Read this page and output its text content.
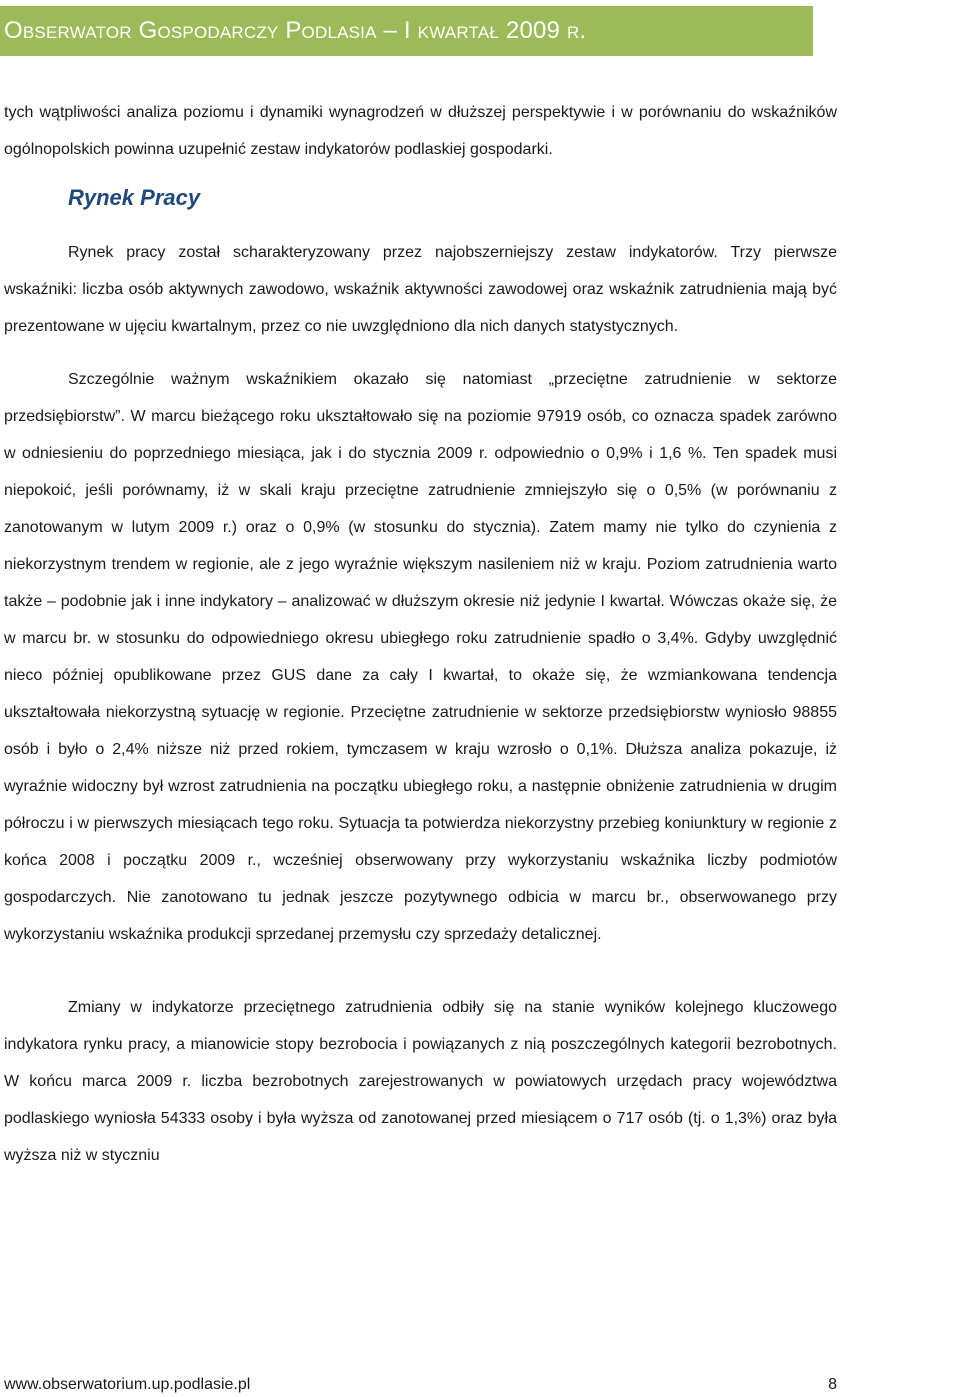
Obserwator Gospodarczy Podlasia – I kwartał 2009 r.

tych wątpliwości analiza poziomu i dynamiki wynagrodzeń w dłuższej perspektywie i w porównaniu do wskaźników ogólnopolskich powinna uzupełnić zestaw indykatorów podlaskiej gospodarki.

Rynek Pracy

Rynek pracy został scharakteryzowany przez najobszerniejszy zestaw indykatorów. Trzy pierwsze wskaźniki: liczba osób aktywnych zawodowo, wskaźnik aktywności zawodowej oraz wskaźnik zatrudnienia mają być prezentowane w ujęciu kwartalnym, przez co nie uwzględniono dla nich danych statystycznych.

Szczególnie ważnym wskaźnikiem okazało się natomiast „przeciętne zatrudnienie w sektorze przedsiębiorstw”. W marcu bieżącego roku ukształtowało się na poziomie 97919 osób, co oznacza spadek zarówno w odniesieniu do poprzedniego miesiąca, jak i do stycznia 2009 r. odpowiednio o 0,9% i 1,6 %. Ten spadek musi niepokoić, jeśli porównamy, iż w skali kraju przeciętne zatrudnienie zmniejszyło się o 0,5% (w porównaniu z zanotowanym w lutym 2009 r.) oraz o 0,9% (w stosunku do stycznia). Zatem mamy nie tylko do czynienia z niekorzystnym trendem w regionie, ale z jego wyraźnie większym nasileniem niż w kraju. Poziom zatrudnienia warto także – podobnie jak i inne indykatory – analizować w dłuższym okresie niż jedynie I kwartał. Wówczas okaże się, że w marcu br. w stosunku do odpowiedniego okresu ubiegłego roku zatrudnienie spadło o 3,4%. Gdyby uwzględnić nieco później opublikowane przez GUS dane za cały I kwartał, to okaże się, że wzmiankowana tendencja ukształtowała niekorzystną sytuację w regionie. Przeciętne zatrudnienie w sektorze przedsiębiorstw wyniosło 98855 osób i było o 2,4% niższe niż przed rokiem, tymczasem w kraju wzrosło o 0,1%. Dłuższa analiza pokazuje, iż wyraźnie widoczny był wzrost zatrudnienia na początku ubiegłego roku, a następnie obniżenie zatrudnienia w drugim półroczu i w pierwszych miesiącach tego roku. Sytuacja ta potwierdza niekorzystny przebieg koniunktury w regionie z końca 2008 i początku 2009 r., wcześniej obserwowany przy wykorzystaniu wskaźnika liczby podmiotów gospodarczych. Nie zanotowano tu jednak jeszcze pozytywnego odbicia w marcu br., obserwowanego przy wykorzystaniu wskaźnika produkcji sprzedanej przemysłu czy sprzedaży detalicznej.

Zmiany w indykatorze przeciętnego zatrudnienia odbiły się na stanie wyników kolejnego kluczowego indykatora rynku pracy, a mianowicie stopy bezrobocia i powiązanych z nią poszczególnych kategorii bezrobotnych. W końcu marca 2009 r. liczba bezrobotnych zarejestrowanych w powiatowych urzędach pracy województwa podlaskiego wyniosła 54333 osoby i była wyższa od zanotowanej przed miesiącem o 717 osób (tj. o 1,3%) oraz była wyższa niż w styczniu

www.obserwatorium.up.podlasie.pl	8
